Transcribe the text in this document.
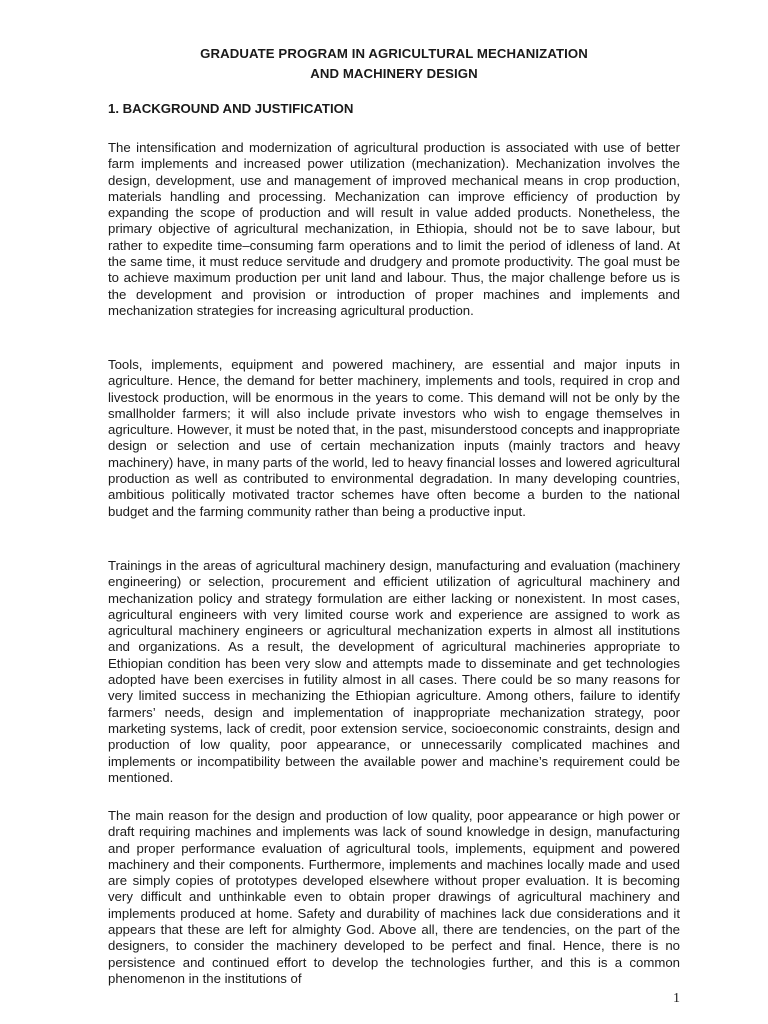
GRADUATE PROGRAM IN AGRICULTURAL MECHANIZATION
AND MACHINERY DESIGN
1. BACKGROUND AND JUSTIFICATION

The intensification and modernization of agricultural production is associated with use of better farm implements and increased power utilization (mechanization). Mechanization involves the design, development, use and management of improved mechanical means in crop production, materials handling and processing. Mechanization can improve efficiency of production by expanding the scope of production and will result in value added products. Nonetheless, the primary objective of agricultural mechanization, in Ethiopia, should not be to save labour, but rather to expedite time–consuming farm operations and to limit the period of idleness of land. At the same time, it must reduce servitude and drudgery and promote productivity. The goal must be to achieve maximum production per unit land and labour. Thus, the major challenge before us is the development and provision or introduction of proper machines and implements and mechanization strategies for increasing agricultural production.

Tools, implements, equipment and powered machinery, are essential and major inputs in agriculture. Hence, the demand for better machinery, implements and tools, required in crop and livestock production, will be enormous in the years to come. This demand will not be only by the smallholder farmers; it will also include private investors who wish to engage themselves in agriculture. However, it must be noted that, in the past, misunderstood concepts and inappropriate design or selection and use of certain mechanization inputs (mainly tractors and heavy machinery) have, in many parts of the world, led to heavy financial losses and lowered agricultural production as well as contributed to environmental degradation. In many developing countries, ambitious politically motivated tractor schemes have often become a burden to the national budget and the farming community rather than being a productive input.

Trainings in the areas of agricultural machinery design, manufacturing and evaluation (machinery engineering) or selection, procurement and efficient utilization of agricultural machinery and mechanization policy and strategy formulation are either lacking or nonexistent. In most cases, agricultural engineers with very limited course work and experience are assigned to work as agricultural machinery engineers or agricultural mechanization experts in almost all institutions and organizations. As a result, the development of agricultural machineries appropriate to Ethiopian condition has been very slow and attempts made to disseminate and get technologies adopted have been exercises in futility almost in all cases. There could be so many reasons for very limited success in mechanizing the Ethiopian agriculture. Among others, failure to identify farmers’ needs, design and implementation of inappropriate mechanization strategy, poor marketing systems, lack of credit, poor extension service, socioeconomic constraints, design and production of low quality, poor appearance, or unnecessarily complicated machines and implements or incompatibility between the available power and machine’s requirement could be mentioned.

The main reason for the design and production of low quality, poor appearance or high power or draft requiring machines and implements was lack of sound knowledge in design, manufacturing and proper performance evaluation of agricultural tools, implements, equipment and powered machinery and their components. Furthermore, implements and machines locally made and used are simply copies of prototypes developed elsewhere without proper evaluation. It is becoming very difficult and unthinkable even to obtain proper drawings of agricultural machinery and implements produced at home. Safety and durability of machines lack due considerations and it appears that these are left for almighty God. Above all, there are tendencies, on the part of the designers, to consider the machinery developed to be perfect and final. Hence, there is no persistence and continued effort to develop the technologies further, and this is a common phenomenon in the institutions of

1
